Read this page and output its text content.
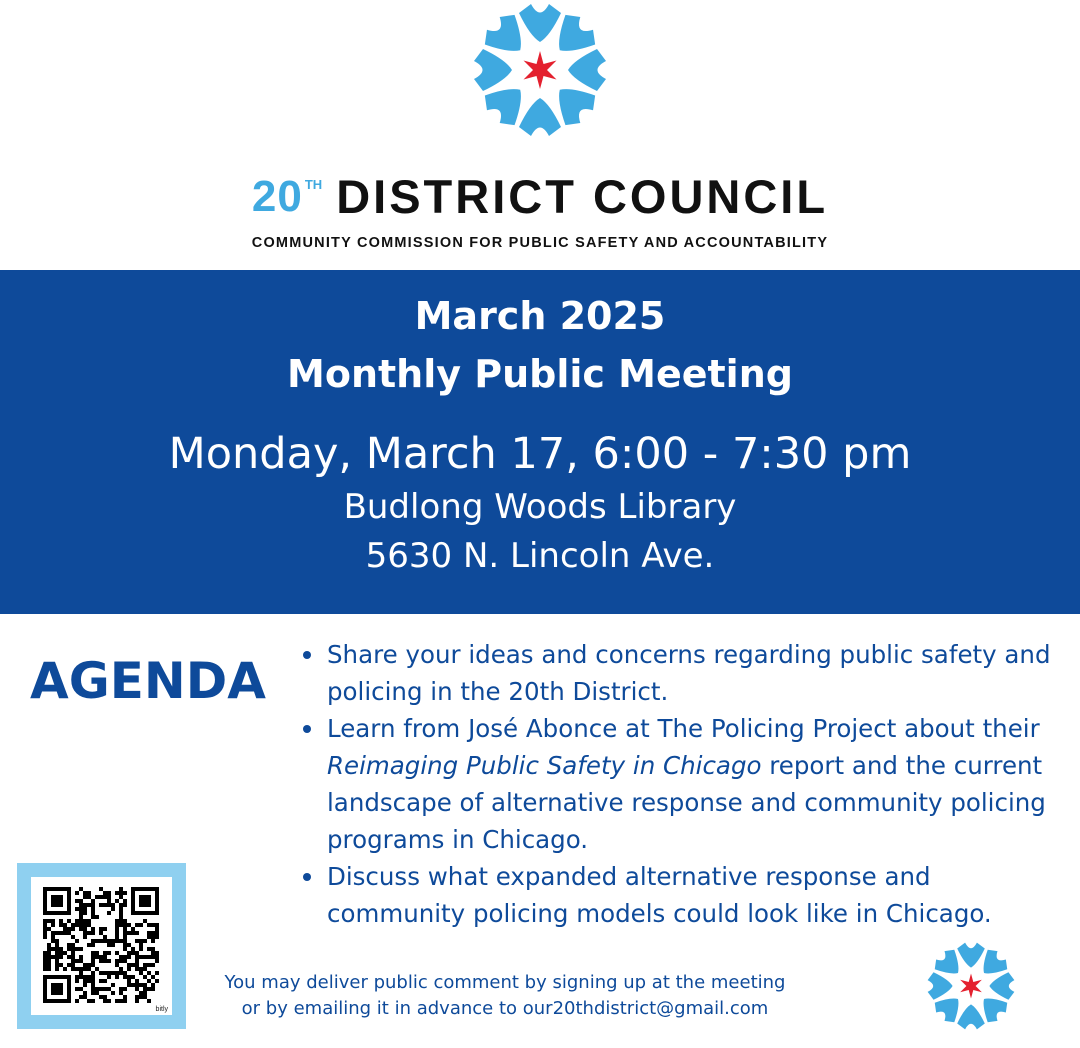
20 TH DISTRICT COUNCIL
COMMUNITY COMMISSION FOR PUBLIC SAFETY AND ACCOUNTABILITY
March 2025
Monthly Public Meeting
Monday, March 17, 6:00 - 7:30 pm
Budlong Woods Library
5630 N. Lincoln Ave.
AGENDA	Share your ideas and concerns regarding public safety and policing in the 20th District.
Learn from José Abonce at The Policing Project about their Reimaging Public Safety in Chicago report and the current landscape of alternative response and community policing programs in Chicago.
Discuss what expanded alternative response and community policing models could look like in Chicago.
bitly
You may deliver public comment by signing up at the meeting
or by emailing it in advance to our20thdistrict@gmail.com
